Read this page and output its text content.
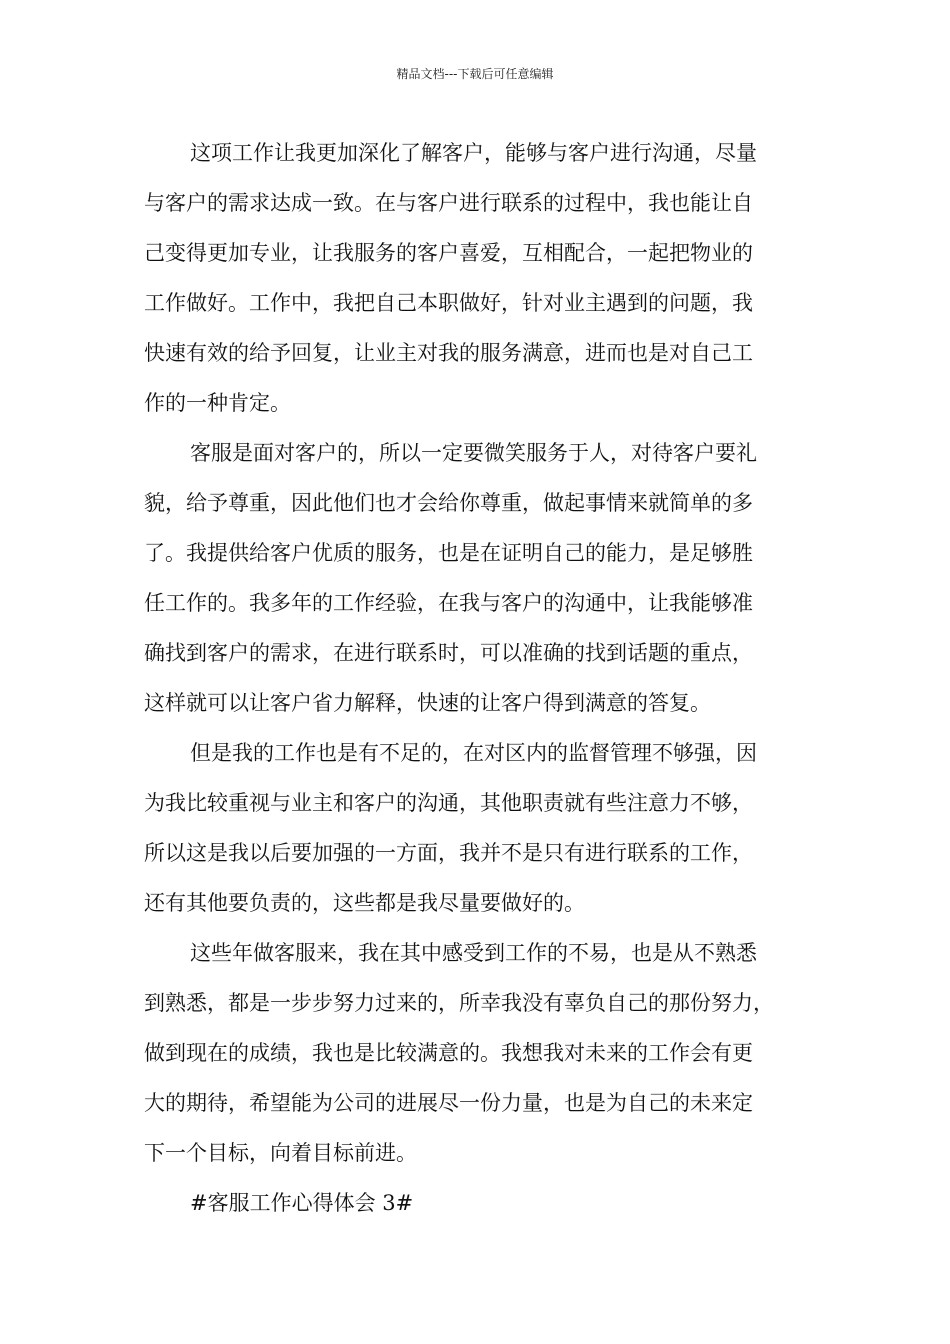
精品文档---下载后可任意编辑
这项工作让我更加深化了解客户，能够与客户进行沟通，尽量
与客户的需求达成一致。在与客户进行联系的过程中，我也能让自
己变得更加专业，让我服务的客户喜爱，互相配合，一起把物业的
工作做好。工作中，我把自己本职做好，针对业主遇到的问题，我
快速有效的给予回复，让业主对我的服务满意，进而也是对自己工
作的一种肯定。
客服是面对客户的，所以一定要微笑服务于人，对待客户要礼
貌，给予尊重，因此他们也才会给你尊重，做起事情来就简单的多
了。我提供给客户优质的服务，也是在证明自己的能力，是足够胜
任工作的。我多年的工作经验，在我与客户的沟通中，让我能够准
确找到客户的需求，在进行联系时，可以准确的找到话题的重点，
这样就可以让客户省力解释，快速的让客户得到满意的答复。
但是我的工作也是有不足的，在对区内的监督管理不够强，因
为我比较重视与业主和客户的沟通，其他职责就有些注意力不够，
所以这是我以后要加强的一方面，我并不是只有进行联系的工作，
还有其他要负责的，这些都是我尽量要做好的。
这些年做客服来，我在其中感受到工作的不易，也是从不熟悉
到熟悉，都是一步步努力过来的，所幸我没有辜负自己的那份努力，
做到现在的成绩，我也是比较满意的。我想我对未来的工作会有更
大的期待，希望能为公司的进展尽一份力量，也是为自己的未来定
下一个目标，向着目标前进。
#客服工作心得体会 3#
